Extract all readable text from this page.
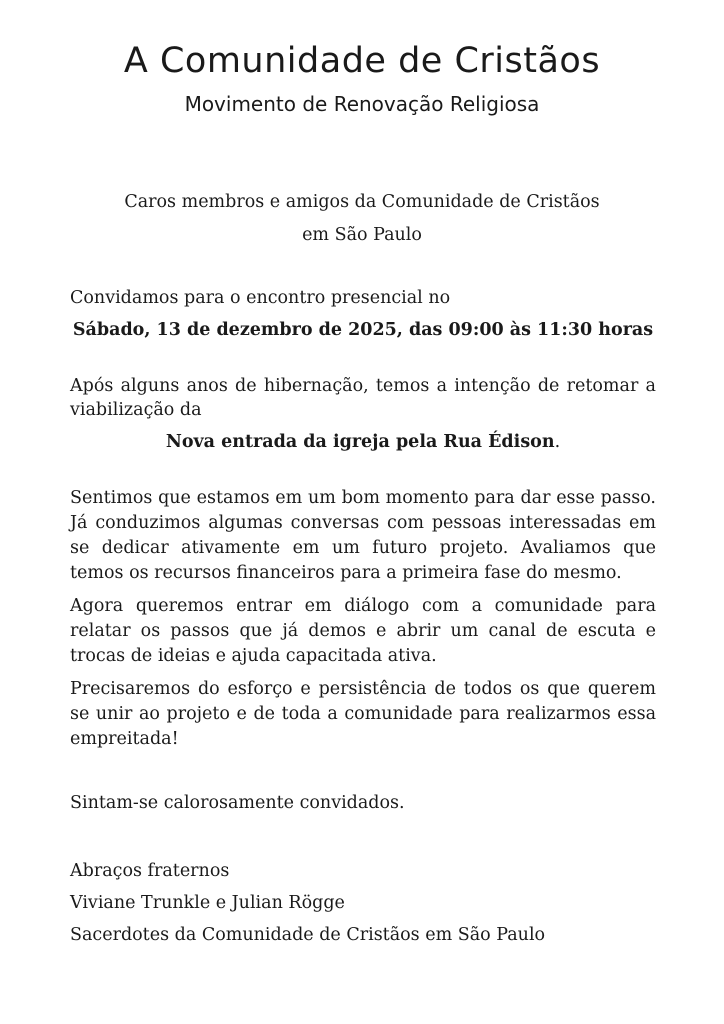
A Comunidade de Cristãos
Movimento de Renovação Religiosa
Caros membros e amigos da Comunidade de Cristãos
em São Paulo

Convidamos para o encontro presencial no

Sábado, 13 de dezembro de 2025, das 09:00 às 11:30 horas

Após alguns anos de hibernação, temos a intenção de retomar a viabilização da

Nova entrada da igreja pela Rua Édison.

Sentimos que estamos em um bom momento para dar esse passo. Já conduzimos algumas conversas com pessoas interessadas em se dedicar ativamente em um futuro projeto. Avaliamos que temos os recursos financeiros para a primeira fase do mesmo.

Agora queremos entrar em diálogo com a comunidade para relatar os passos que já demos e abrir um canal de escuta e trocas de ideias e ajuda capacitada ativa.

Precisaremos do esforço e persistência de todos os que querem se unir ao projeto e de toda a comunidade para realizarmos essa empreitada!

Sintam-se calorosamente convidados.
Abraços fraternos
Viviane Trunkle e Julian Rögge
Sacerdotes da Comunidade de Cristãos em São Paulo
